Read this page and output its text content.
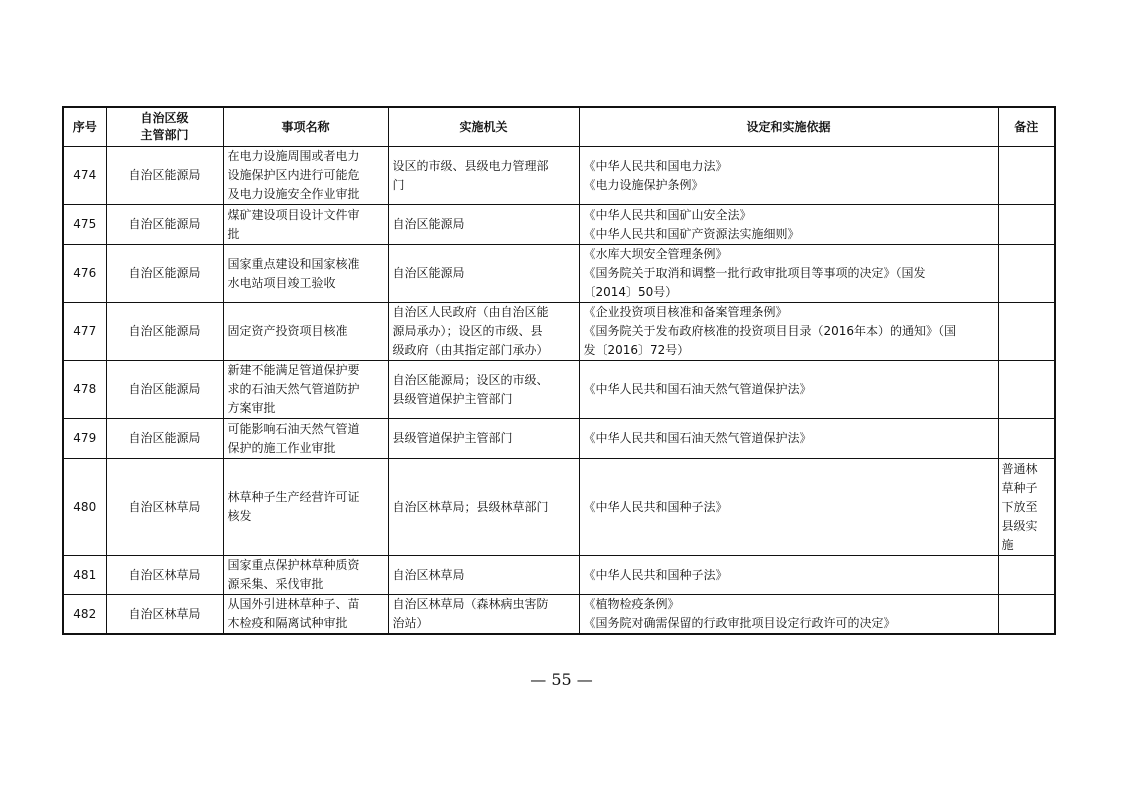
序号	自治区级
主管部门	事项名称	实施机关	设定和实施依据	备注

474	自治区能源局	在电力设施周围或者电力
设施保护区内进行可能危
及电力设施安全作业审批	设区的市级、县级电力管理部
门	《中华人民共和国电力法》
《电力设施保护条例》	

475	自治区能源局	煤矿建设项目设计文件审
批	自治区能源局	《中华人民共和国矿山安全法》
《中华人民共和国矿产资源法实施细则》	

476	自治区能源局	国家重点建设和国家核准
水电站项目竣工验收	自治区能源局	《水库大坝安全管理条例》
《国务院关于取消和调整一批行政审批项目等事项的决定》（国发
〔2014〕50号）	

477	自治区能源局	固定资产投资项目核准	自治区人民政府（由自治区能
源局承办）；设区的市级、县
级政府（由其指定部门承办）	《企业投资项目核准和备案管理条例》
《国务院关于发布政府核准的投资项目目录（2016年本）的通知》（国
发〔2016〕72号）	

478	自治区能源局	新建不能满足管道保护要
求的石油天然气管道防护
方案审批	自治区能源局；设区的市级、
县级管道保护主管部门	《中华人民共和国石油天然气管道保护法》	

479	自治区能源局	可能影响石油天然气管道
保护的施工作业审批	县级管道保护主管部门	《中华人民共和国石油天然气管道保护法》	

480	自治区林草局	林草种子生产经营许可证
核发	自治区林草局；县级林草部门	《中华人民共和国种子法》	普通林
草种子
下放至
县级实
施

481	自治区林草局	国家重点保护林草种质资
源采集、采伐审批	自治区林草局	《中华人民共和国种子法》	

482	自治区林草局	从国外引进林草种子、苗
木检疫和隔离试种审批	自治区林草局（森林病虫害防
治站）	《植物检疫条例》
《国务院对确需保留的行政审批项目设定行政许可的决定》	

— 55 —
